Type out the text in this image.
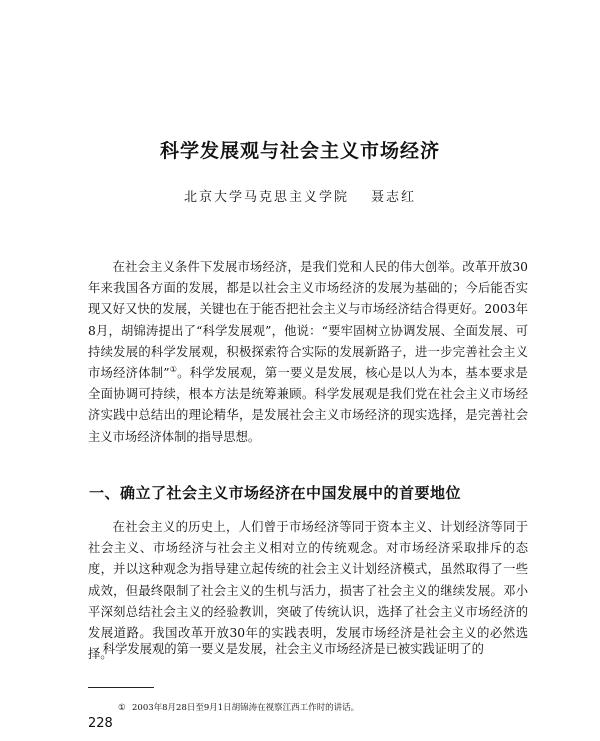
科学发展观与社会主义市场经济
北京大学马克思主义学院 聂志红

在社会主义条件下发展市场经济，是我们党和人民的伟大创举。改革开放30年来我国各方面的发展，都是以社会主义市场经济的发展为基础的；今后能否实现又好又快的发展，关键也在于能否把社会主义与市场经济结合得更好。2003年8月，胡锦涛提出了“科学发展观”，他说：“要牢固树立协调发展、全面发展、可持续发展的科学发展观，积极探索符合实际的发展新路子，进一步完善社会主义市场经济体制”①。科学发展观，第一要义是发展，核心是以人为本，基本要求是全面协调可持续，根本方法是统筹兼顾。科学发展观是我们党在社会主义市场经济实践中总结出的理论精华，是发展社会主义市场经济的现实选择，是完善社会主义市场经济体制的指导思想。

一、确立了社会主义市场经济在中国发展中的首要地位

在社会主义的历史上，人们曾于市场经济等同于资本主义、计划经济等同于社会主义、市场经济与社会主义相对立的传统观念。对市场经济采取排斥的态度，并以这种观念为指导建立起传统的社会主义计划经济模式，虽然取得了一些成效，但最终限制了社会主义的生机与活力，损害了社会主义的继续发展。邓小平深刻总结社会主义的经验教训，突破了传统认识，选择了社会主义市场经济的发展道路。我国改革开放30年的实践表明，发展市场经济是社会主义的必然选择。

科学发展观的第一要义是发展，社会主义市场经济是已被实践证明了的

① 2003年8月28日至9月1日胡锦涛在视察江西工作时的讲话。
228
